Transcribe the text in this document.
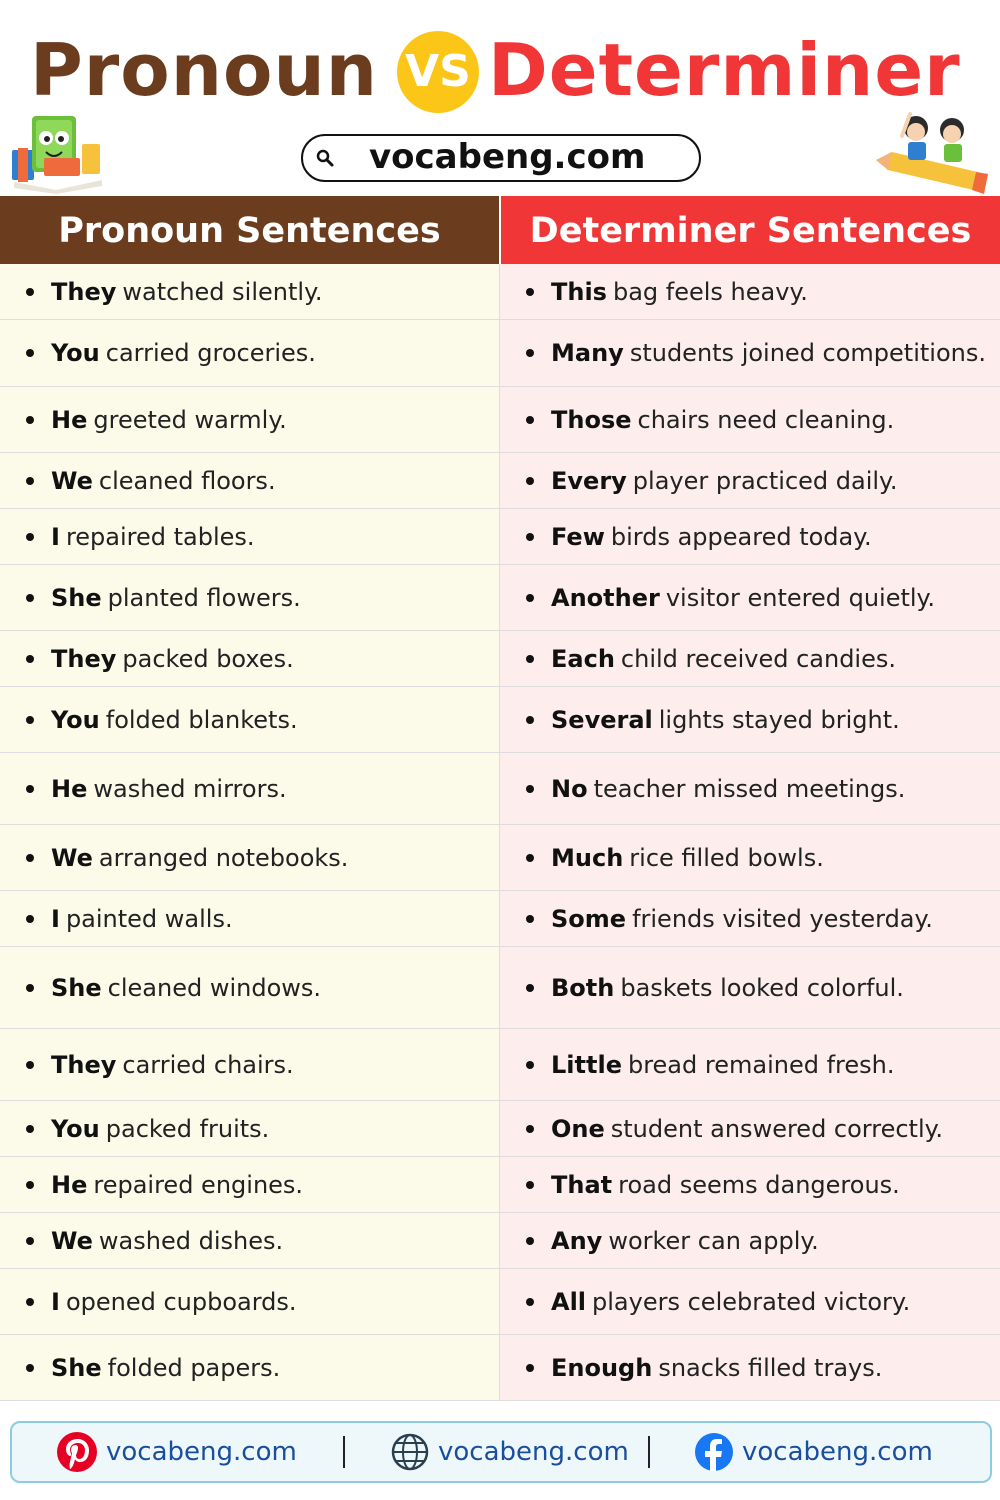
Pronoun VS Determiner
vocabeng.com
Pronoun Sentences	Determiner Sentences
They watched silently.	This bag feels heavy.
You carried groceries.	Many students joined competitions.
He greeted warmly.	Those chairs need cleaning.
We cleaned floors.	Every player practiced daily.
I repaired tables.	Few birds appeared today.
She planted flowers.	Another visitor entered quietly.
They packed boxes.	Each child received candies.
You folded blankets.	Several lights stayed bright.
He washed mirrors.	No teacher missed meetings.
We arranged notebooks.	Much rice filled bowls.
I painted walls.	Some friends visited yesterday.
She cleaned windows.	Both baskets looked colorful.
They carried chairs.	Little bread remained fresh.
You packed fruits.	One student answered correctly.
He repaired engines.	That road seems dangerous.
We washed dishes.	Any worker can apply.
I opened cupboards.	All players celebrated victory.
She folded papers.	Enough snacks filled trays.
vocabeng.com	vocabeng.com	vocabeng.com
